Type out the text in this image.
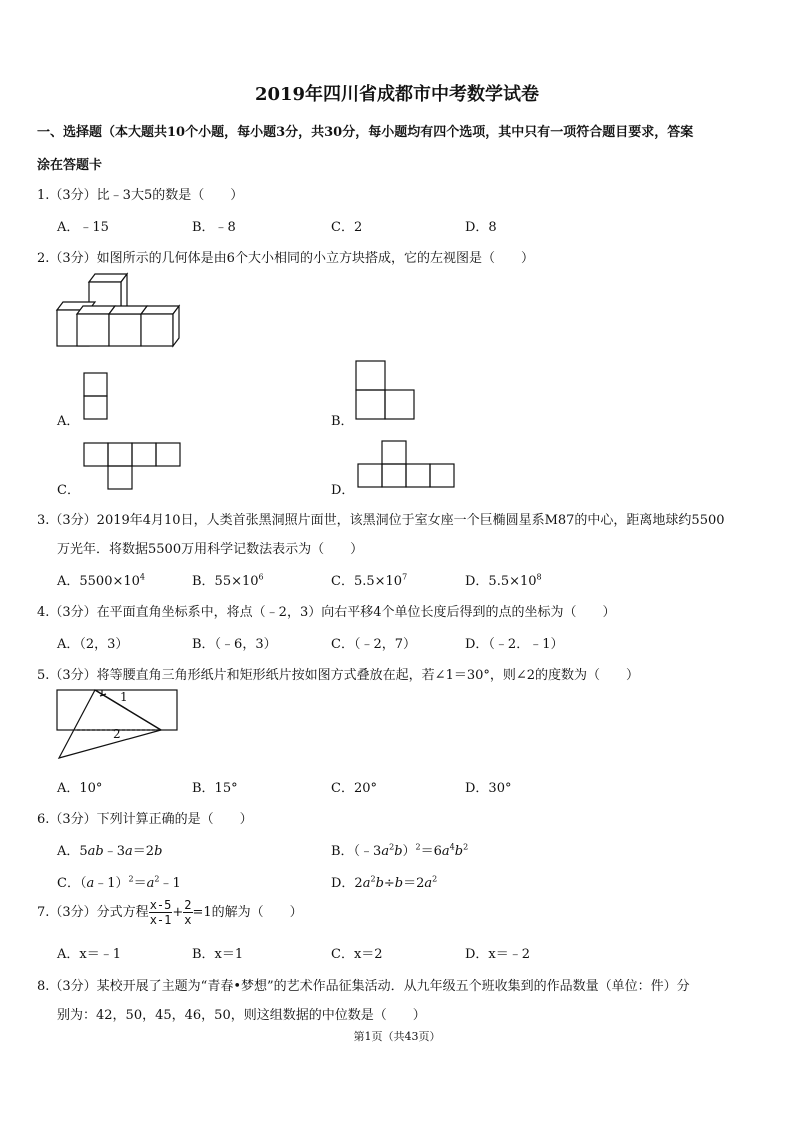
2019年四川省成都市中考数学试卷
一、选择题（本大题共10个小题，每小题3分，共30分，每小题均有四个选项，其中只有一项符合题目要求，答案
涂在答题卡
1.（3分）比﹣3大5的数是（　　）
A．﹣15	B．﹣8	C．2	D．8
2.（3分）如图所示的几何体是由6个大小相同的小立方块搭成，它的左视图是（　　）
A．	B．
C．	D．
3.（3分）2019年4月10日，人类首张黑洞照片面世，该黑洞位于室女座一个巨椭圆星系M87的中心，距离地球约5500
万光年．将数据5500万用科学记数法表示为（　　）
A．$5500\times 10^4$	B．$55\times 10^6$	C．$5.5\times 10^7$	D．$5.5\times 10^8$
4.（3分）在平面直角坐标系中，将点（﹣2，3）向右平移4个单位长度后得到的点的坐标为（　　）
A．（2，3）	B．（﹣6，3）	C．（﹣2，7）	D．（﹣2．﹣1）
5.（3分）将等腰直角三角形纸片和矩形纸片按如图方式叠放在起，若∠1＝30°，则∠2的度数为（　　）
1
2
A．10°	B．15°	C．20°	D．30°
6.（3分）下列计算正确的是（　　）
A．5ab﹣3a＝2b	B．$(﹣3a^2b)^2=6a^4b^2$
C．$(a﹣1)^2=a^2﹣1$	D．$2a^2b\div b=2a^2$
7.（3分）分式方程 $\frac{x-5}{x-1} + \frac{2}{x} =1$的解为（　　）
A．x＝﹣1	B．x＝1	C．x＝2	D．x＝﹣2
8.（3分）某校开展了主题为“青春•梦想”的艺术作品征集活动．从九年级五个班收集到的作品数量（单位：件）分
别为：42，50，45，46，50，则这组数据的中位数是（　　）
第1页（共43页）
